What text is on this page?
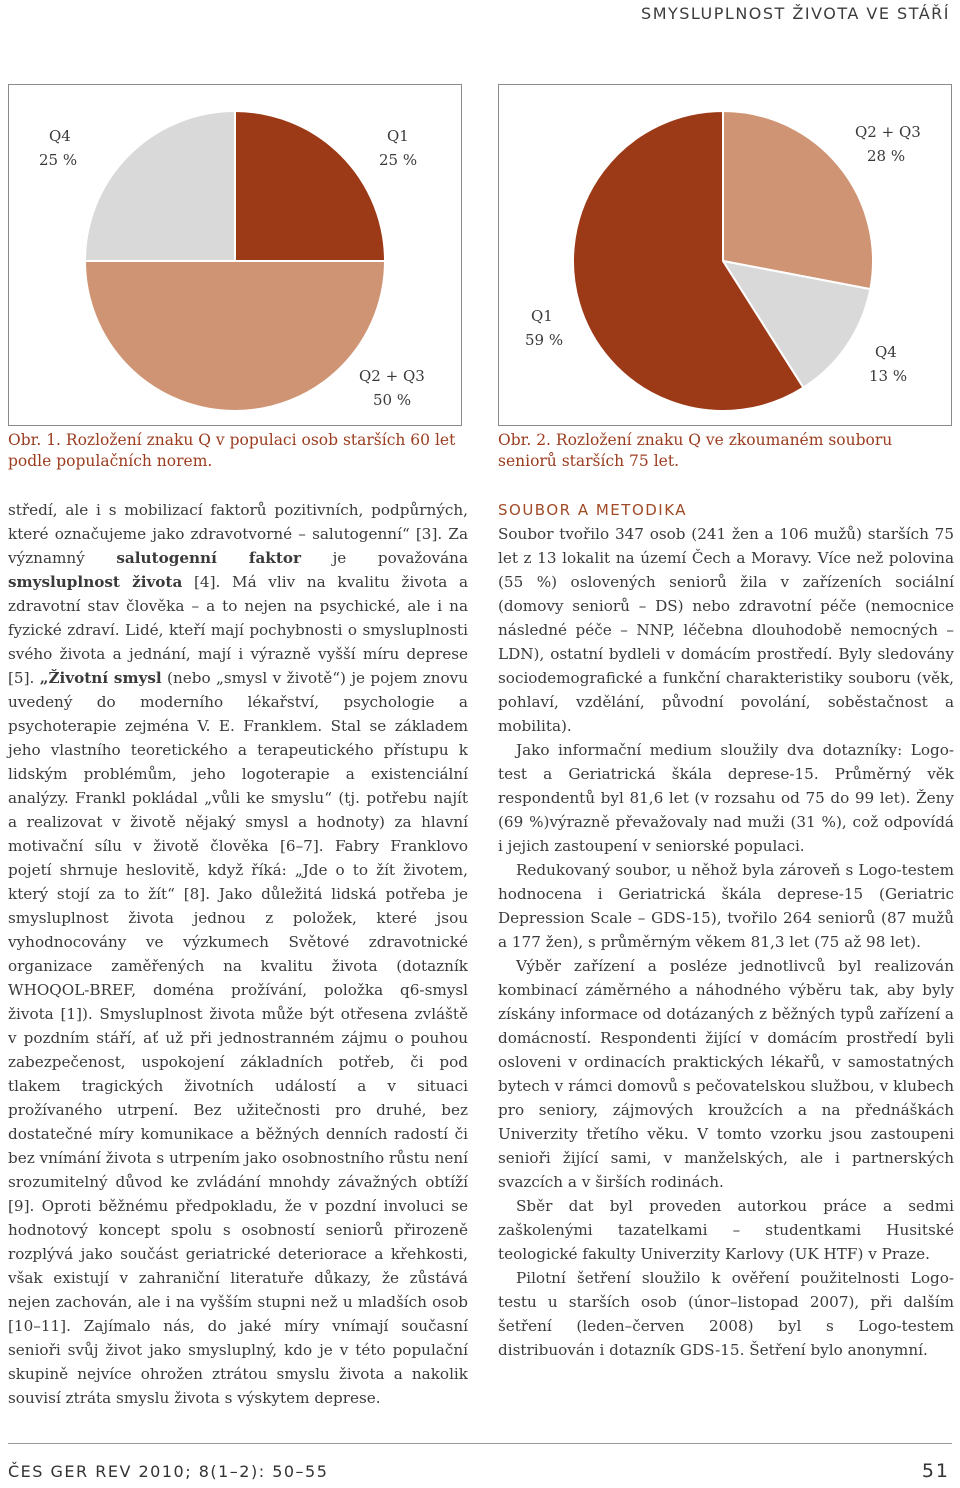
SMYSLUPLNOST ŽIVOTA VE STÁŘÍ
Q4
25 %
Q1
25 %
Q2 + Q3
50 %
Q2 + Q3
28 %
Q4
13 %
Q1
59 %
Obr. 1. Rozložení znaku Q v populaci osob starších 60 let podle populačních norem.
Obr. 2. Rozložení znaku Q ve zkoumaném souboru seniorů starších 75 let.

středí, ale i s mobilizací faktorů pozitivních, podpůrných, které označujeme jako zdravotvorné – salutogenní“ [3]. Za významný salutogenní faktor je považována smysluplnost života [4]. Má vliv na kvalitu života a zdravotní stav člověka – a to nejen na psychické, ale i na fyzické zdraví. Lidé, kteří mají pochybnosti o smysluplnosti svého života a jednání, mají i výrazně vyšší míru deprese [5]. „Životní smysl (nebo „smysl v životě“) je pojem znovu uvedený do moderního lékařství, psychologie a psychoterapie zejména V. E. Franklem. Stal se základem jeho vlastního teoretického a terapeutického přístupu k lidským problémům, jeho logoterapie a existenciální analýzy. Frankl pokládal „vůli ke smyslu“ (tj. potřebu najít a realizovat v životě nějaký smysl a hodnoty) za hlavní motivační sílu v životě člověka [6–7]. Fabry Franklovo pojetí shrnuje heslovitě, když říká: „Jde o to žít životem, který stojí za to žít“ [8]. Jako důležitá lidská potřeba je smysluplnost života jednou z položek, které jsou vyhodnocovány ve výzkumech Světové zdravotnické organizace zaměřených na kvalitu života (dotazník WHOQOL-BREF, doména prožívání, položka q6-smysl života [1]). Smysluplnost života může být otřesena zvláště v pozdním stáří, ať už při jednostranném zájmu o pouhou zabezpečenost, uspokojení základních potřeb, či pod tlakem tragických životních událostí a v situaci prožívaného utrpení. Bez užitečnosti pro druhé, bez dostatečné míry komunikace a běžných denních radostí či bez vnímání života s utrpením jako osobnostního růstu není srozumitelný důvod ke zvládání mnohdy závažných obtíží [9]. Oproti běžnému předpokladu, že v pozdní involuci se hodnotový koncept spolu s osobností seniorů přirozeně rozplývá jako součást geriatrické deteriorace a křehkosti, však existují v zahraniční literatuře důkazy, že zůstává nejen zachován, ale i na vyšším stupni než u mladších osob [10–11]. Zajímalo nás, do jaké míry vnímají současní senioři svůj život jako smysluplný, kdo je v této populační skupině nejvíce ohrožen ztrátou smyslu života a nakolik souvisí ztráta smyslu života s výskytem deprese.

SOUBOR A METODIKA

Soubor tvořilo 347 osob (241 žen a 106 mužů) starších 75 let z 13 lokalit na území Čech a Moravy. Více než polovina (55 %) oslovených seniorů žila v zařízeních sociální (domovy seniorů – DS) nebo zdravotní péče (nemocnice následné péče – NNP, léčebna dlouhodobě nemocných – LDN), ostatní bydleli v domácím prostředí. Byly sledovány sociodemografické a funkční charakteristiky souboru (věk, pohlaví, vzdělání, původní povolání, soběstačnost a mobilita).

Jako informační medium sloužily dva dotazníky: Logo-test a Geriatrická škála deprese-15. Průměrný věk respondentů byl 81,6 let (v rozsahu od 75 do 99 let). Ženy (69 %)výrazně převažovaly nad muži (31 %), což odpovídá i jejich zastoupení v seniorské populaci.

Redukovaný soubor, u něhož byla zároveň s Logo-testem hodnocena i Geriatrická škála deprese-15 (Geriatric Depression Scale – GDS-15), tvořilo 264 seniorů (87 mužů a 177 žen), s průměrným věkem 81,3 let (75 až 98 let).

Výběr zařízení a posléze jednotlivců byl realizován kombinací záměrného a náhodného výběru tak, aby byly získány informace od dotázaných z běžných typů zařízení a domácností. Respondenti žijící v domácím prostředí byli osloveni v ordinacích praktických lékařů, v samostatných bytech v rámci domovů s pečovatelskou službou, v klubech pro seniory, zájmových kroužcích a na přednáškách Univerzity třetího věku. V tomto vzorku jsou zastoupeni senioři žijící sami, v manželských, ale i partnerských svazcích a v širších rodinách.

Sběr dat byl proveden autorkou práce a sedmi zaškolenými tazatelkami – studentkami Husitské teologické fakulty Univerzity Karlovy (UK HTF) v Praze.

Pilotní šetření sloužilo k ověření použitelnosti Logo-testu u starších osob (únor–listopad 2007), při dalším šetření (leden–červen 2008) byl s Logo-testem distribuován i dotazník GDS-15. Šetření bylo anonymní.

ČES GER REV 2010; 8(1–2): 50–55	51
